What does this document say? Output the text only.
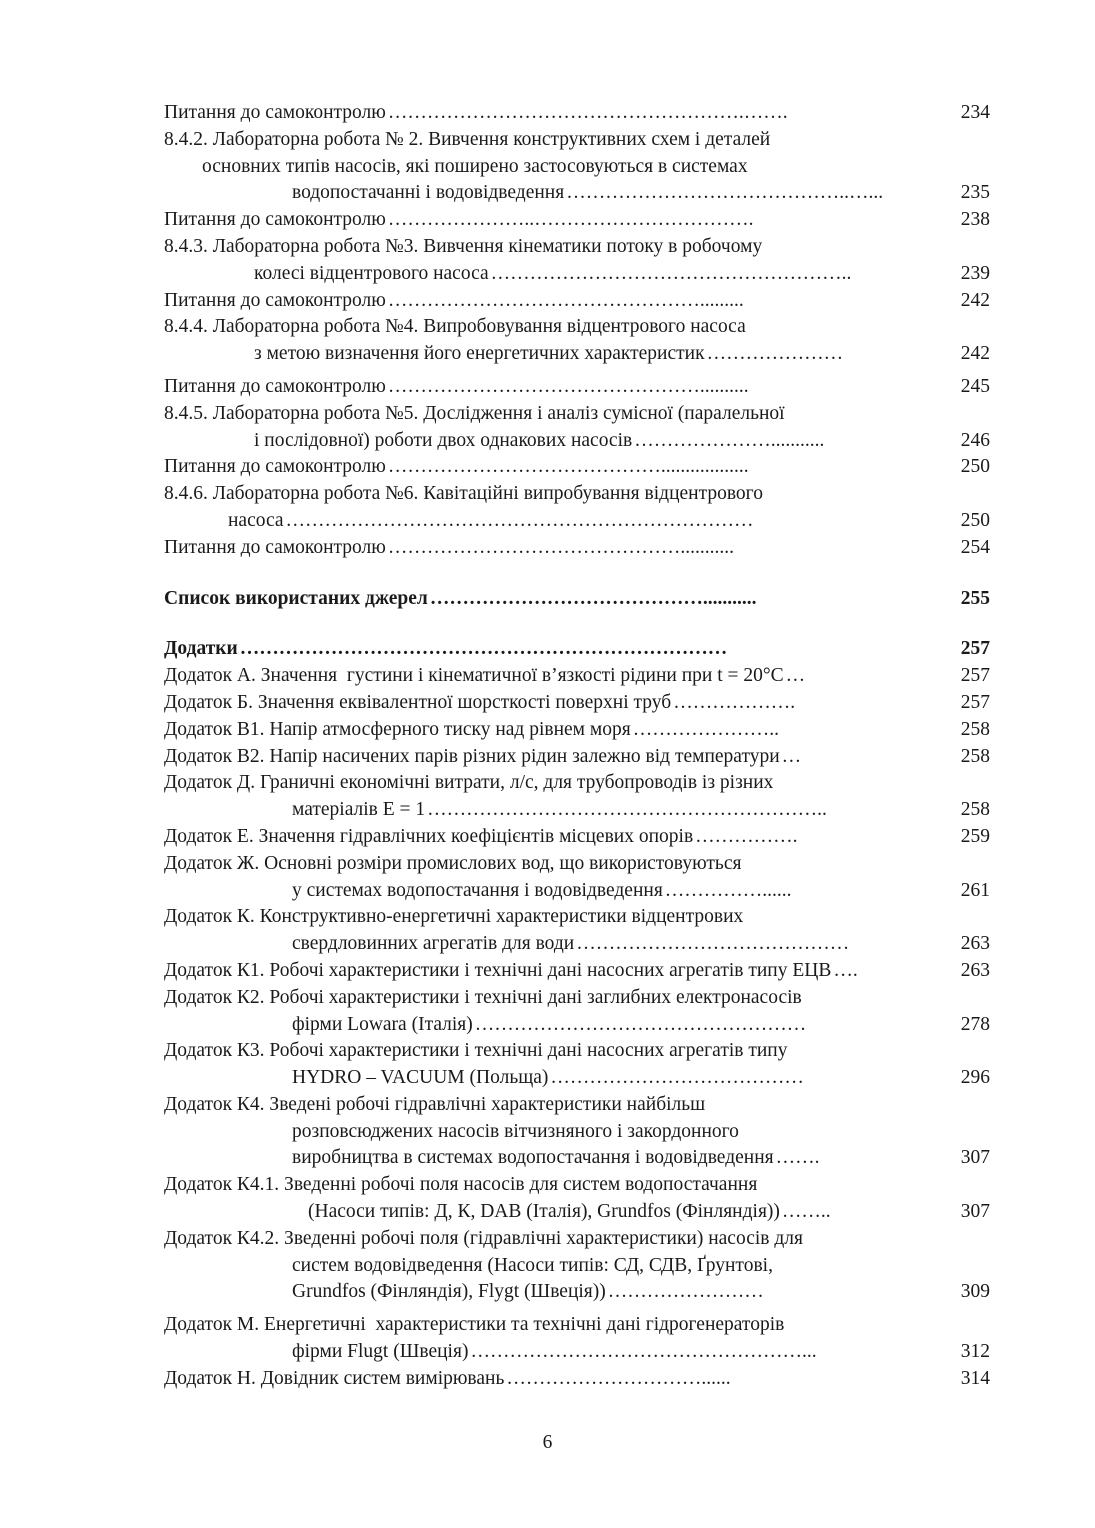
Питання до самоконтролю ……………………………………………….…….	234
8.4.2. Лабораторна робота № 2. Вивчення конструктивних схем і деталей
основних типів насосів, які поширено застосовуються в системах
водопостачанні і водовідведення ……………………………………..…...	235
Питання до самоконтролю …………………..…………………………….	238
8.4.3. Лабораторна робота №3. Вивчення кінематики потоку в робочому
колесі відцентрового насоса ………………………………………………..	239
Питання до самоконтролю ………………………………………….........	242
8.4.4. Лабораторна робота №4. Випробовування відцентрового насоса
з метою визначення його енергетичних характеристик …………………	242
Питання до самоконтролю …………………………………………..........	245
8.4.5. Лабораторна робота №5. Дослідження і аналіз сумісної (паралельної
і послідовної) роботи двох однакових насосів …………………...........	246
Питання до самоконтролю ……………………………………..................	250
8.4.6. Лабораторна робота №6. Кавітаційні випробування відцентрового
насоса ………………………………………………………………	250
Питання до самоконтролю ………………………………………...........	254
Список використаних джерел ……………………………………...........	255
Додатки …………………………………………………………………	257
Додаток А. Значення  густини і кінематичної в’язкості рідини при t = 20°С …	257
Додаток Б. Значення еквівалентної шорсткості поверхні труб ……………….	257
Додаток В1. Напір атмосферного тиску над рівнем моря …………………..	258
Додаток В2. Напір насичених парів різних рідин залежно від температури …	258
Додаток Д. Граничні економічні витрати, л/с, для трубопроводів із різних
матеріалів Е = 1 ……………………………………………………..	258
Додаток Е. Значення гідравлічних коефіцієнтів місцевих опорів …………….	259
Додаток Ж. Основні розміри промислових вод, що використовуються
у системах водопостачання і водовідведення ……………......	261
Додаток К. Конструктивно-енергетичні характеристики відцентрових
свердловинних агрегатів для води ……………………………………	263
Додаток К1. Робочі характеристики і технічні дані насосних агрегатів типу ЕЦВ ….	263
Додаток К2. Робочі характеристики і технічні дані заглибних електронасосів
фірми Lowara (Італія) ……………………………………………	278
Додаток К3. Робочі характеристики і технічні дані насосних агрегатів типу
HYDRO – VACUUM (Польща) …………………………………	296
Додаток К4. Зведені робочі гідравлічні характеристики найбільш
розповсюджених насосів вітчизняного і закордонного
виробництва в системах водопостачання і водовідведення …….	307
Додаток К4.1. Зведенні робочі поля насосів для систем водопостачання
(Насоси типів: Д, К, DAB (Італія), Grundfos (Фінляндія)) ……..	307
Додаток К4.2. Зведенні робочі поля (гідравлічні характеристики) насосів для
систем водовідведення (Насоси типів: СД, СДВ, Ґрунтові,
Grundfos (Фінляндія), Flygt (Швеція)) ……………………	309
Додаток М. Енергетичні  характеристики та технічні дані гідрогенераторів
фірми Flugt (Швеція) ……………………………………………...	312
Додаток Н. Довідник систем вимірювань …………………………......	314
6
